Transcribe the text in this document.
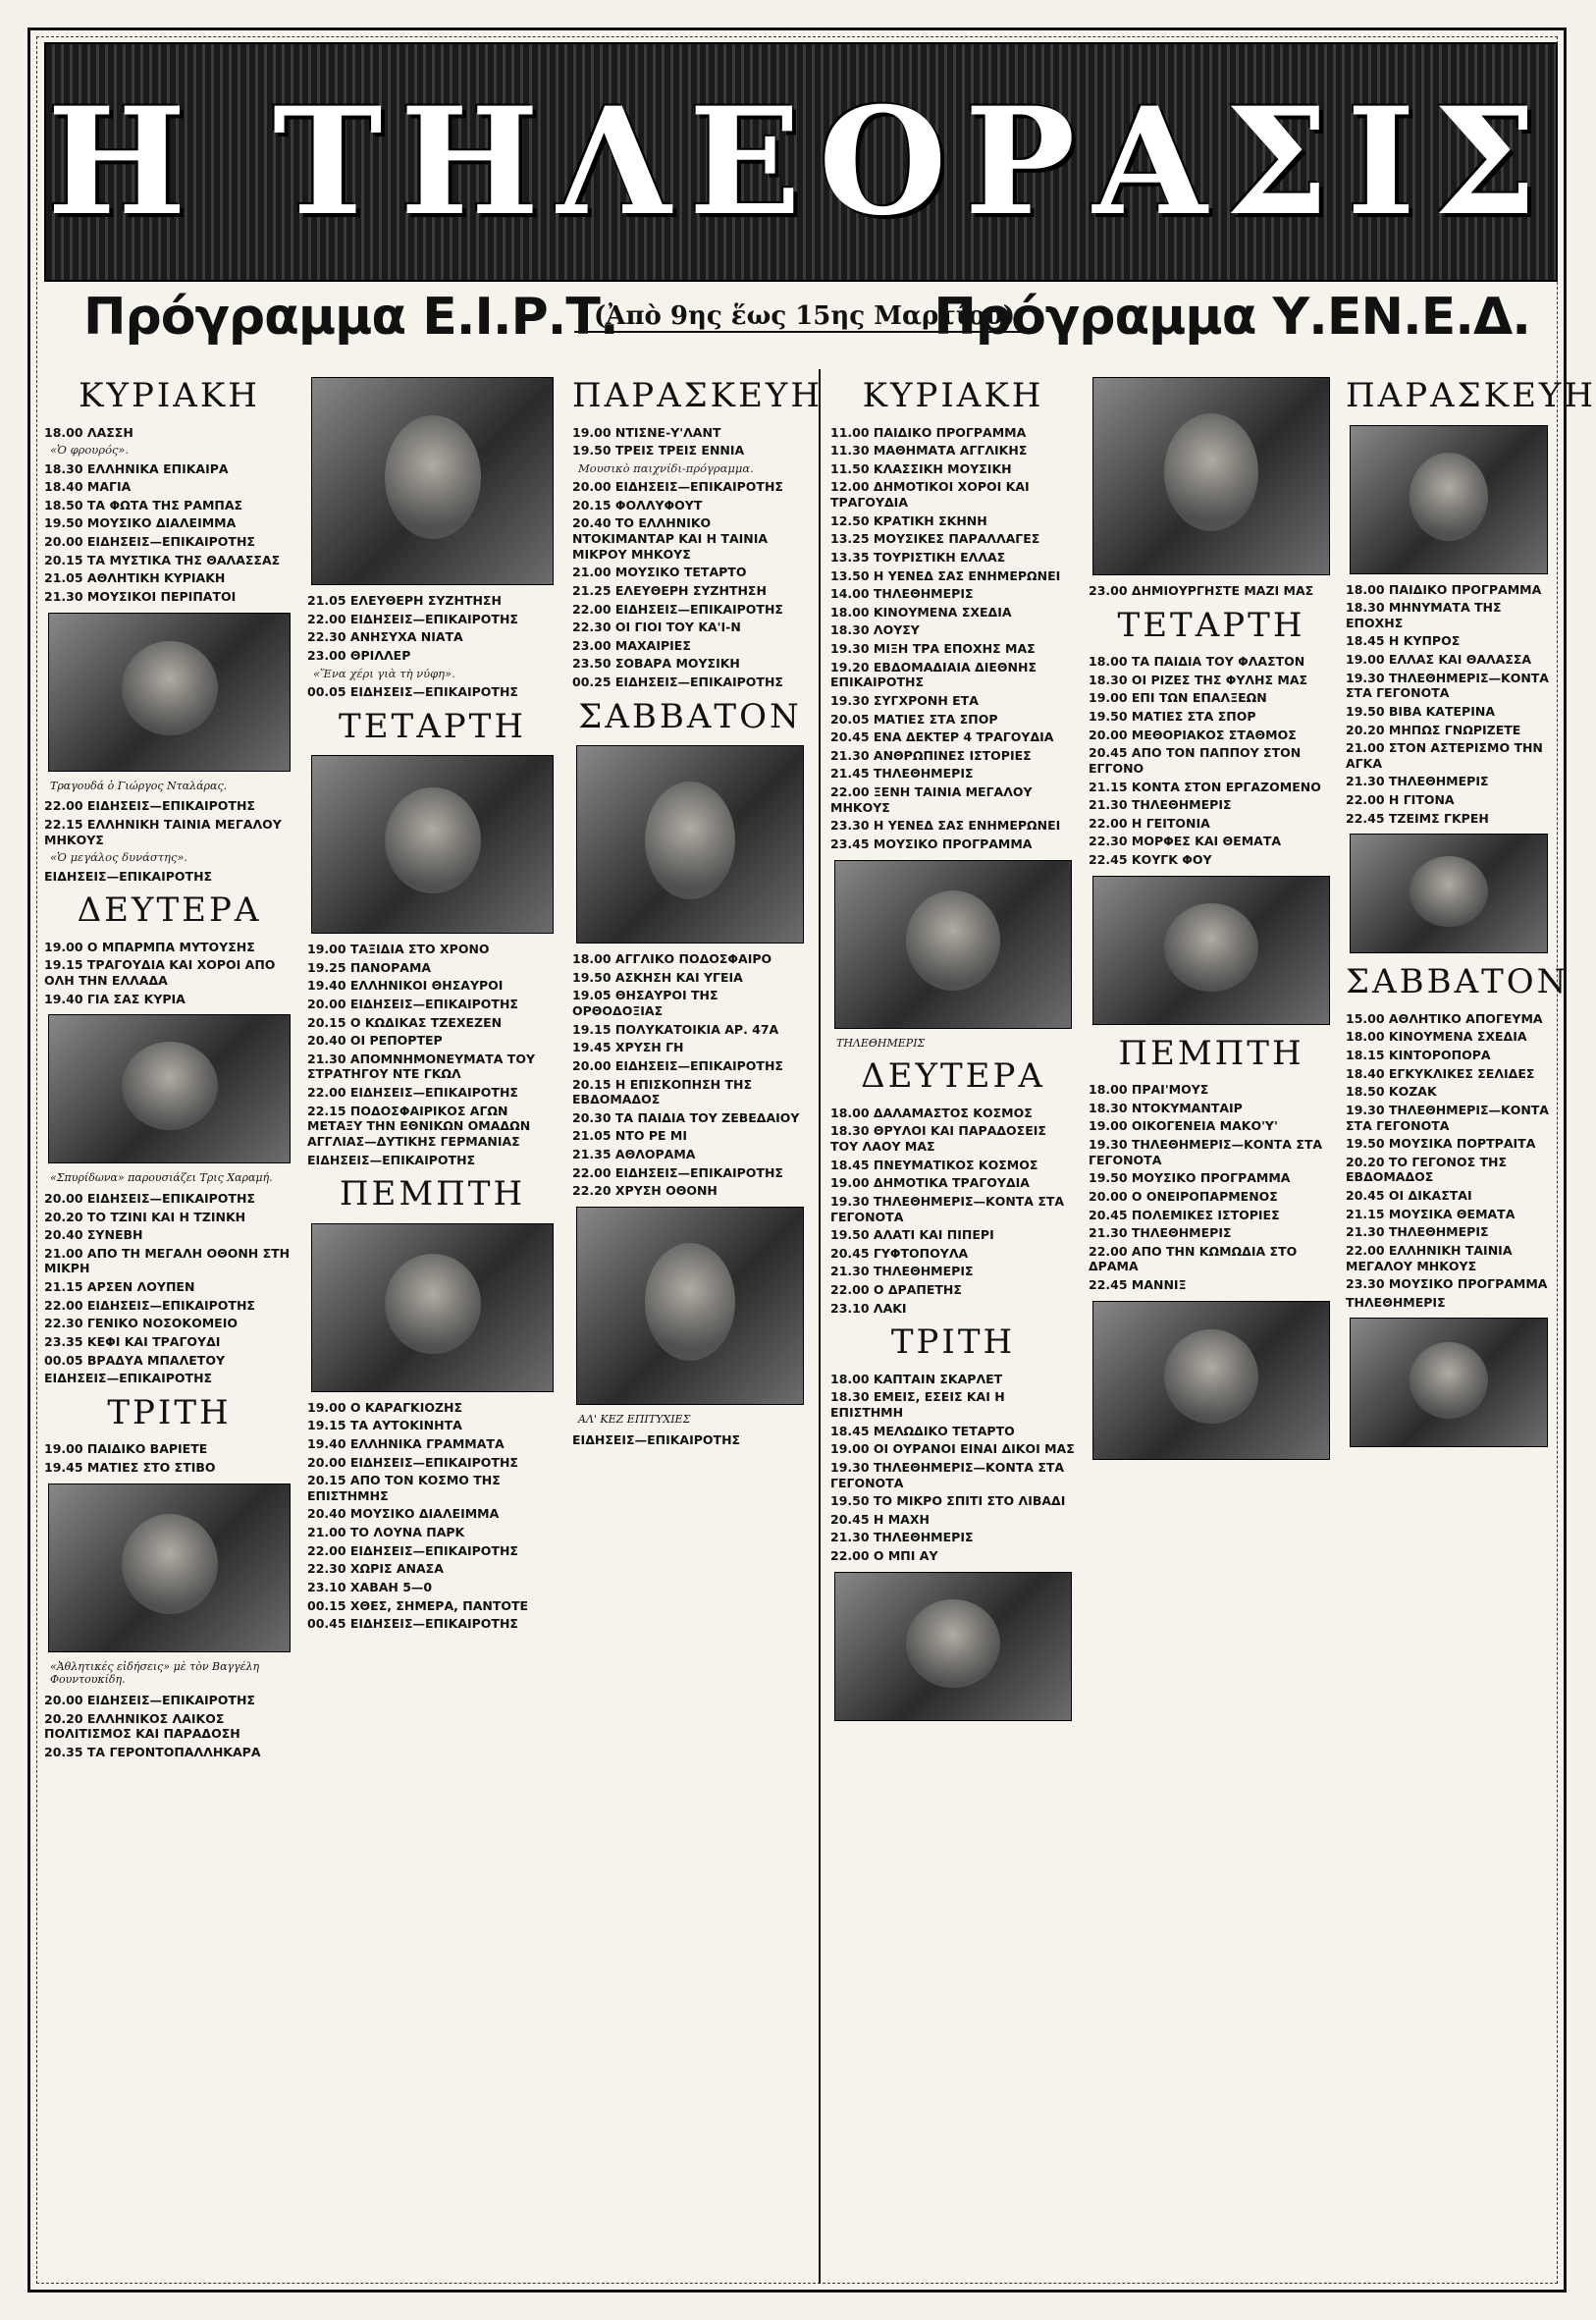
Η ΤΗΛΕΟΡΑΣΙΣ
Πρόγραμμα Ε.Ι.Ρ.Τ.
(Ἀπὸ 9ης ἕως 15ης Μαρτίου)
Πρόγραμμα Υ.ΕΝ.Ε.Δ.
ΚΥΡΙΑΚΗ
18.00 ΛΑΣΣΗ
«Ὁ φρουρός».
18.30 ΕΛΛΗΝΙΚΑ ΕΠΙΚΑΙΡΑ
18.40 ΜΑΓΙΑ
18.50 ΤΑ ΦΩΤΑ ΤΗΣ ΡΑΜΠΑΣ
19.50 ΜΟΥΣΙΚΟ ΔΙΑΛΕΙΜΜΑ
20.00 ΕΙΔΗΣΕΙΣ—ΕΠΙΚΑΙΡΟΤΗΣ
20.15 ΤΑ ΜΥΣΤΙΚΑ ΤΗΣ ΘΑΛΑΣΣΑΣ
21.05 ΑΘΛΗΤΙΚΗ ΚΥΡΙΑΚΗ
21.30 ΜΟΥΣΙΚΟΙ ΠΕΡΙΠΑΤΟΙ
Τραγουδά ὁ Γιώργος Νταλάρας.
22.00 ΕΙΔΗΣΕΙΣ—ΕΠΙΚΑΙΡΟΤΗΣ
22.15 ΕΛΛΗΝΙΚΗ ΤΑΙΝΙΑ ΜΕΓΑΛΟΥ ΜΗΚΟΥΣ
«Ὁ μεγάλος δυνάστης».
ΕΙΔΗΣΕΙΣ—ΕΠΙΚΑΙΡΟΤΗΣ
ΔΕΥΤΕΡΑ
19.00 Ο ΜΠΑΡΜΠΑ ΜΥΤΟΥΣΗΣ
19.15 ΤΡΑΓΟΥΔΙΑ ΚΑΙ ΧΟΡΟΙ ΑΠΟ ΟΛΗ ΤΗΝ ΕΛΛΑΔΑ
19.40 ΓΙΑ ΣΑΣ ΚΥΡΙΑ
«Σπυρίδωνα» παρουσιάζει Τρις Χαραμή.
20.00 ΕΙΔΗΣΕΙΣ—ΕΠΙΚΑΙΡΟΤΗΣ
20.20 ΤΟ ΤΖΙΝΙ ΚΑΙ Η ΤΖΙΝΚΗ
20.40 ΣΥΝΕΒΗ
21.00 ΑΠΟ ΤΗ ΜΕΓΑΛΗ ΟΘΟΝΗ ΣΤΗ ΜΙΚΡΗ
21.15 ΑΡΣΕΝ ΛΟΥΠΕΝ
22.00 ΕΙΔΗΣΕΙΣ—ΕΠΙΚΑΙΡΟΤΗΣ
22.30 ΓΕΝΙΚΟ ΝΟΣΟΚΟΜΕΙΟ
23.35 ΚΕΦΙ ΚΑΙ ΤΡΑΓΟΥΔΙ
00.05 ΒΡΑΔΥΑ ΜΠΑΛΕΤΟΥ
ΕΙΔΗΣΕΙΣ—ΕΠΙΚΑΙΡΟΤΗΣ
ΤΡΙΤΗ
19.00 ΠΑΙΔΙΚΟ ΒΑΡΙΕΤΕ
19.45 ΜΑΤΙΕΣ ΣΤΟ ΣΤΙΒΟ
«Ἀθλητικές εἰδήσεις» μὲ τὸν Βαγγέλη Φουντουκίδη.
20.00 ΕΙΔΗΣΕΙΣ—ΕΠΙΚΑΙΡΟΤΗΣ
20.20 ΕΛΛΗΝΙΚΟΣ ΛΑΙΚΟΣ ΠΟΛΙΤΙΣΜΟΣ ΚΑΙ ΠΑΡΑΔΟΣΗ
20.35 ΤΑ ΓΕΡΟΝΤΟΠΑΛΛΗΚΑΡΑ
21.05 ΕΛΕΥΘΕΡΗ ΣΥΖΗΤΗΣΗ
22.00 ΕΙΔΗΣΕΙΣ—ΕΠΙΚΑΙΡΟΤΗΣ
22.30 ΑΝΗΣΥΧΑ ΝΙΑΤΑ
23.00 ΘΡΙΛΛΕΡ
«Ἕνα χέρι γιὰ τὴ νύφη».
00.05 ΕΙΔΗΣΕΙΣ—ΕΠΙΚΑΙΡΟΤΗΣ
ΤΕΤΑΡΤΗ
19.00 ΤΑΞΙΔΙΑ ΣΤΟ ΧΡΟΝΟ
19.25 ΠΑΝΟΡΑΜΑ
19.40 ΕΛΛΗΝΙΚΟΙ ΘΗΣΑΥΡΟΙ
20.00 ΕΙΔΗΣΕΙΣ—ΕΠΙΚΑΙΡΟΤΗΣ
20.15 Ο ΚΩΔΙΚΑΣ ΤΖΕΧΕΖΕΝ
20.40 ΟΙ ΡΕΠΟΡΤΕΡ
21.30 ΑΠΟΜΝΗΜΟΝΕΥΜΑΤΑ ΤΟΥ ΣΤΡΑΤΗΓΟΥ ΝΤΕ ΓΚΩΛ
22.00 ΕΙΔΗΣΕΙΣ—ΕΠΙΚΑΙΡΟΤΗΣ
22.15 ΠΟΔΟΣΦΑΙΡΙΚΟΣ ΑΓΩΝ ΜΕΤΑΞΥ ΤΗΝ ΕΘΝΙΚΩΝ ΟΜΑΔΩΝ ΑΓΓΛΙΑΣ—ΔΥΤΙΚΗΣ ΓΕΡΜΑΝΙΑΣ
ΕΙΔΗΣΕΙΣ—ΕΠΙΚΑΙΡΟΤΗΣ
ΠΕΜΠΤΗ
19.00 Ο ΚΑΡΑΓΚΙΟΖΗΣ
19.15 ΤΑ ΑΥΤΟΚΙΝΗΤΑ
19.40 ΕΛΛΗΝΙΚΑ ΓΡΑΜΜΑΤΑ
20.00 ΕΙΔΗΣΕΙΣ—ΕΠΙΚΑΙΡΟΤΗΣ
20.15 ΑΠΟ ΤΟΝ ΚΟΣΜΟ ΤΗΣ ΕΠΙΣΤΗΜΗΣ
20.40 ΜΟΥΣΙΚΟ ΔΙΑΛΕΙΜΜΑ
21.00 ΤΟ ΛΟΥΝΑ ΠΑΡΚ
22.00 ΕΙΔΗΣΕΙΣ—ΕΠΙΚΑΙΡΟΤΗΣ
22.30 ΧΩΡΙΣ ΑΝΑΣΑ
23.10 ΧΑΒΑΗ 5—0
00.15 ΧΘΕΣ, ΣΗΜΕΡΑ, ΠΑΝΤΟΤΕ
00.45 ΕΙΔΗΣΕΙΣ—ΕΠΙΚΑΙΡΟΤΗΣ
ΠΑΡΑΣΚΕΥΗ
19.00 ΝΤΙΣΝΕ-Υ'ΛΑΝΤ
19.50 ΤΡΕΙΣ ΤΡΕΙΣ ΕΝΝΙΑ
Μουσικὸ παιχνίδι-πρόγραμμα.
20.00 ΕΙΔΗΣΕΙΣ—ΕΠΙΚΑΙΡΟΤΗΣ
20.15 ΦΟΛΛΥΦΟΥΤ
20.40 ΤΟ ΕΛΛΗΝΙΚΟ ΝΤΟΚΙΜΑΝΤΑΡ ΚΑΙ Η ΤΑΙΝΙΑ ΜΙΚΡΟΥ ΜΗΚΟΥΣ
21.00 ΜΟΥΣΙΚΟ ΤΕΤΑΡΤΟ
21.25 ΕΛΕΥΘΕΡΗ ΣΥΖΗΤΗΣΗ
22.00 ΕΙΔΗΣΕΙΣ—ΕΠΙΚΑΙΡΟΤΗΣ
22.30 ΟΙ ΓΙΟΙ ΤΟΥ ΚΑ'Ι-Ν
23.00 ΜΑΧΑΙΡΙΕΣ
23.50 ΣΟΒΑΡΑ ΜΟΥΣΙΚΗ
00.25 ΕΙΔΗΣΕΙΣ—ΕΠΙΚΑΙΡΟΤΗΣ
ΣΑΒΒΑΤΟΝ
18.00 ΑΓΓΛΙΚΟ ΠΟΔΟΣΦΑΙΡΟ
19.50 ΑΣΚΗΣΗ ΚΑΙ ΥΓΕΙΑ
19.05 ΘΗΣΑΥΡΟΙ ΤΗΣ ΟΡΘΟΔΟΞΙΑΣ
19.15 ΠΟΛΥΚΑΤΟΙΚΙΑ ΑΡ. 47Α
19.45 ΧΡΥΣΗ ΓΗ
20.00 ΕΙΔΗΣΕΙΣ—ΕΠΙΚΑΙΡΟΤΗΣ
20.15 Η ΕΠΙΣΚΟΠΗΣΗ ΤΗΣ ΕΒΔΟΜΑΔΟΣ
20.30 ΤΑ ΠΑΙΔΙΑ ΤΟΥ ΖΕΒΕΔΑΙΟΥ
21.05 ΝΤΟ ΡΕ ΜΙ
21.35 ΑΘΛΟΡΑΜΑ
22.00 ΕΙΔΗΣΕΙΣ—ΕΠΙΚΑΙΡΟΤΗΣ
22.20 ΧΡΥΣΗ ΟΘΟΝΗ
ΑΛ' ΚΕΖ ΕΠΙΤΥΧΙΕΣ
ΕΙΔΗΣΕΙΣ—ΕΠΙΚΑΙΡΟΤΗΣ
ΚΥΡΙΑΚΗ
11.00 ΠΑΙΔΙΚΟ ΠΡΟΓΡΑΜΜΑ
11.30 ΜΑΘΗΜΑΤΑ ΑΓΓΛΙΚΗΣ
11.50 ΚΛΑΣΣΙΚΗ ΜΟΥΣΙΚΗ
12.00 ΔΗΜΟΤΙΚΟΙ ΧΟΡΟΙ ΚΑΙ ΤΡΑΓΟΥΔΙΑ
12.50 ΚΡΑΤΙΚΗ ΣΚΗΝΗ
13.25 ΜΟΥΣΙΚΕΣ ΠΑΡΑΛΛΑΓΕΣ
13.35 ΤΟΥΡΙΣΤΙΚΗ ΕΛΛΑΣ
13.50 Η ΥΕΝΕΔ ΣΑΣ ΕΝΗΜΕΡΩΝΕΙ
14.00 ΤΗΛΕΘΗΜΕΡΙΣ
18.00 ΚΙΝΟΥΜΕΝΑ ΣΧΕΔΙΑ
18.30 ΛΟΥΣΥ
19.30 ΜΙΞΗ ΤΡΑ ΕΠΟΧΗΣ ΜΑΣ
19.20 ΕΒΔΟΜΑΔΙΑΙΑ ΔΙΕΘΝΗΣ ΕΠΙΚΑΙΡΟΤΗΣ
19.30 ΣΥΓΧΡΟΝΗ ΕΤΑ
20.05 ΜΑΤΙΕΣ ΣΤΑ ΣΠΟΡ
20.45 ΕΝΑ ΔΕΚΤΕΡ 4 ΤΡΑΓΟΥΔΙΑ
21.30 ΑΝΘΡΩΠΙΝΕΣ ΙΣΤΟΡΙΕΣ
21.45 ΤΗΛΕΘΗΜΕΡΙΣ
22.00 ΞΕΝΗ ΤΑΙΝΙΑ ΜΕΓΑΛΟΥ ΜΗΚΟΥΣ
23.30 Η ΥΕΝΕΔ ΣΑΣ ΕΝΗΜΕΡΩΝΕΙ
23.45 ΜΟΥΣΙΚΟ ΠΡΟΓΡΑΜΜΑ
ΤΗΛΕΘΗΜΕΡΙΣ
ΔΕΥΤΕΡΑ
18.00 ΔΑΛΑΜΑΣΤΟΣ ΚΟΣΜΟΣ
18.30 ΘΡΥΛΟΙ ΚΑΙ ΠΑΡΑΔΟΣΕΙΣ ΤΟΥ ΛΑΟΥ ΜΑΣ
18.45 ΠΝΕΥΜΑΤΙΚΟΣ ΚΟΣΜΟΣ
19.00 ΔΗΜΟΤΙΚΑ ΤΡΑΓΟΥΔΙΑ
19.30 ΤΗΛΕΘΗΜΕΡΙΣ—ΚΟΝΤΑ ΣΤΑ ΓΕΓΟΝΟΤΑ
19.50 ΑΛΑΤΙ ΚΑΙ ΠΙΠΕΡΙ
20.45 ΓΥΦΤΟΠΟΥΛΑ
21.30 ΤΗΛΕΘΗΜΕΡΙΣ
22.00 Ο ΔΡΑΠΕΤΗΣ
23.10 ΛΑΚΙ
ΤΡΙΤΗ
18.00 ΚΑΠΤΑΙΝ ΣΚΑΡΛΕΤ
18.30 ΕΜΕΙΣ, ΕΣΕΙΣ ΚΑΙ Η ΕΠΙΣΤΗΜΗ
18.45 ΜΕΛΩΔΙΚΟ ΤΕΤΑΡΤΟ
19.00 ΟΙ ΟΥΡΑΝΟΙ ΕΙΝΑΙ ΔΙΚΟΙ ΜΑΣ
19.30 ΤΗΛΕΘΗΜΕΡΙΣ—ΚΟΝΤΑ ΣΤΑ ΓΕΓΟΝΟΤΑ
19.50 ΤΟ ΜΙΚΡΟ ΣΠΙΤΙ ΣΤΟ ΛΙΒΑΔΙ
20.45 Η ΜΑΧΗ
21.30 ΤΗΛΕΘΗΜΕΡΙΣ
22.00 Ο ΜΠΙ ΑΥ
23.00 ΔΗΜΙΟΥΡΓΗΣΤΕ ΜΑΖΙ ΜΑΣ
ΤΕΤΑΡΤΗ
18.00 ΤΑ ΠΑΙΔΙΑ ΤΟΥ ΦΛΑΣΤΟΝ
18.30 ΟΙ ΡΙΖΕΣ ΤΗΣ ΦΥΛΗΣ ΜΑΣ
19.00 ΕΠΙ ΤΩΝ ΕΠΑΛΞΕΩΝ
19.50 ΜΑΤΙΕΣ ΣΤΑ ΣΠΟΡ
20.00 ΜΕΘΟΡΙΑΚΟΣ ΣΤΑΘΜΟΣ
20.45 ΑΠΟ ΤΟΝ ΠΑΠΠΟΥ ΣΤΟΝ ΕΓΓΟΝΟ
21.15 ΚΟΝΤΑ ΣΤΟΝ ΕΡΓΑΖΟΜΕΝΟ
21.30 ΤΗΛΕΘΗΜΕΡΙΣ
22.00 Η ΓΕΙΤΟΝΙΑ
22.30 ΜΟΡΦΕΣ ΚΑΙ ΘΕΜΑΤΑ
22.45 ΚΟΥΓΚ ΦΟΥ
ΠΕΜΠΤΗ
18.00 ΠΡΑΙ'ΜΟΥΣ
18.30 ΝΤΟΚΥΜΑΝΤΑΙΡ
19.00 ΟΙΚΟΓΕΝΕΙΑ ΜΑΚΟ'Υ'
19.30 ΤΗΛΕΘΗΜΕΡΙΣ—ΚΟΝΤΑ ΣΤΑ ΓΕΓΟΝΟΤΑ
19.50 ΜΟΥΣΙΚΟ ΠΡΟΓΡΑΜΜΑ
20.00 Ο ΟΝΕΙΡΟΠΑΡΜΕΝΟΣ
20.45 ΠΟΛΕΜΙΚΕΣ ΙΣΤΟΡΙΕΣ
21.30 ΤΗΛΕΘΗΜΕΡΙΣ
22.00 ΑΠΟ ΤΗΝ ΚΩΜΩΔΙΑ ΣΤΟ ΔΡΑΜΑ
22.45 ΜΑΝΝΙΞ
ΠΑΡΑΣΚΕΥΗ
18.00 ΠΑΙΔΙΚΟ ΠΡΟΓΡΑΜΜΑ
18.30 ΜΗΝΥΜΑΤΑ ΤΗΣ ΕΠΟΧΗΣ
18.45 Η ΚΥΠΡΟΣ
19.00 ΕΛΛΑΣ ΚΑΙ ΘΑΛΑΣΣΑ
19.30 ΤΗΛΕΘΗΜΕΡΙΣ—ΚΟΝΤΑ ΣΤΑ ΓΕΓΟΝΟΤΑ
19.50 ΒΙΒΑ ΚΑΤΕΡΙΝΑ
20.20 ΜΗΠΩΣ ΓΝΩΡΙΖΕΤΕ
21.00 ΣΤΟΝ ΑΣΤΕΡΙΣΜΟ ΤΗΝ ΑΓΚΑ
21.30 ΤΗΛΕΘΗΜΕΡΙΣ
22.00 Η ΓΙΤΟΝΑ
22.45 ΤΖΕΙΜΣ ΓΚΡΕΗ
ΣΑΒΒΑΤΟΝ
15.00 ΑΘΛΗΤΙΚΟ ΑΠΟΓΕΥΜΑ
18.00 ΚΙΝΟΥΜΕΝΑ ΣΧΕΔΙΑ
18.15 ΚΙΝΤΟΡΟΠΟΡΑ
18.40 ΕΓΚΥΚΛΙΚΕΣ ΣΕΛΙΔΕΣ
18.50 ΚΟΖΑΚ
19.30 ΤΗΛΕΘΗΜΕΡΙΣ—ΚΟΝΤΑ ΣΤΑ ΓΕΓΟΝΟΤΑ
19.50 ΜΟΥΣΙΚΑ ΠΟΡΤΡΑΙΤΑ
20.20 ΤΟ ΓΕΓΟΝΟΣ ΤΗΣ ΕΒΔΟΜΑΔΟΣ
20.45 ΟΙ ΔΙΚΑΣΤΑΙ
21.15 ΜΟΥΣΙΚΑ ΘΕΜΑΤΑ
21.30 ΤΗΛΕΘΗΜΕΡΙΣ
22.00 ΕΛΛΗΝΙΚΗ ΤΑΙΝΙΑ ΜΕΓΑΛΟΥ ΜΗΚΟΥΣ
23.30 ΜΟΥΣΙΚΟ ΠΡΟΓΡΑΜΜΑ
ΤΗΛΕΘΗΜΕΡΙΣ
